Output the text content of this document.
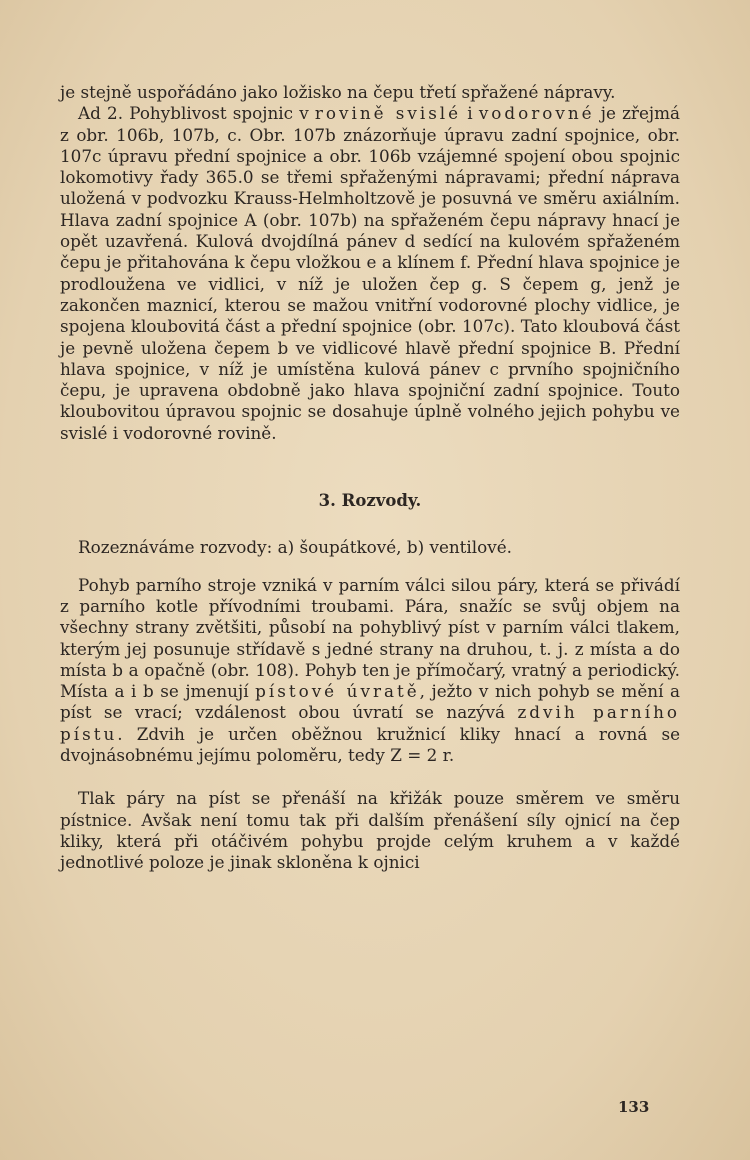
je stejně uspořádáno jako ložisko na čepu třetí spřažené nápravy.

Ad 2. Pohyblivost spojnic v rovině svislé i vodorovné je zřejmá z obr. 106b, 107b, c. Obr. 107b znázorňuje úpravu zadní spojnice, obr. 107c úpravu přední spojnice a obr. 106b vzájemné spojení obou spojnic lokomotivy řady 365.0 se třemi spřaženými nápravami; přední náprava uložená v podvozku Krauss-Helmholtzově je posuvná ve směru axiálním. Hlava zadní spojnice A (obr. 107b) na spřaženém čepu nápravy hnací je opět uzavřená. Kulová dvojdílná pánev d sedící na kulovém spřaženém čepu je přitahována k čepu vložkou e a klínem f. Přední hlava spojnice je prodloužena ve vidlici, v níž je uložen čep g. S čepem g, jenž je zakončen maznicí, kterou se mažou vnitřní vodorovné plochy vidlice, je spojena kloubovitá část a přední spojnice (obr. 107c). Tato kloubová část je pevně uložena čepem b ve vidlicové hlavě přední spojnice B. Přední hlava spojnice, v níž je umístěna kulová pánev c prvního spojničního čepu, je upravena obdobně jako hlava spojniční zadní spojnice. Touto kloubovitou úpravou spojnic se dosahuje úplně volného jejich pohybu ve svislé i vodorovné rovině.

3. Rozvody.

Rozeznáváme rozvody: a) šoupátkové, b) ventilové.

Pohyb parního stroje vzniká v parním válci silou páry, která se přivádí z parního kotle přívodními troubami. Pára, snažíc se svůj objem na všechny strany zvětšiti, působí na pohyblivý píst v parním válci tlakem, kterým jej posunuje střídavě s jedné strany na druhou, t. j. z místa a do místa b a opačně (obr. 108). Pohyb ten je přímočarý, vratný a periodický. Místa a i b se jmenují pístové úvratě, ježto v nich pohyb se mění a píst se vrací; vzdálenost obou úvratí se nazývá zdvih parního pístu. Zdvih je určen oběžnou kružnicí kliky hnací a rovná se dvojnásobnému jejímu poloměru, tedy Z = 2 r.

Tlak páry na píst se přenáší na křižák pouze směrem ve směru pístnice. Avšak není tomu tak při dalším přenášení síly ojnicí na čep kliky, která při otáčivém pohybu projde celým kruhem a v každé jednotlivé poloze je jinak skloněna k ojnici

133
